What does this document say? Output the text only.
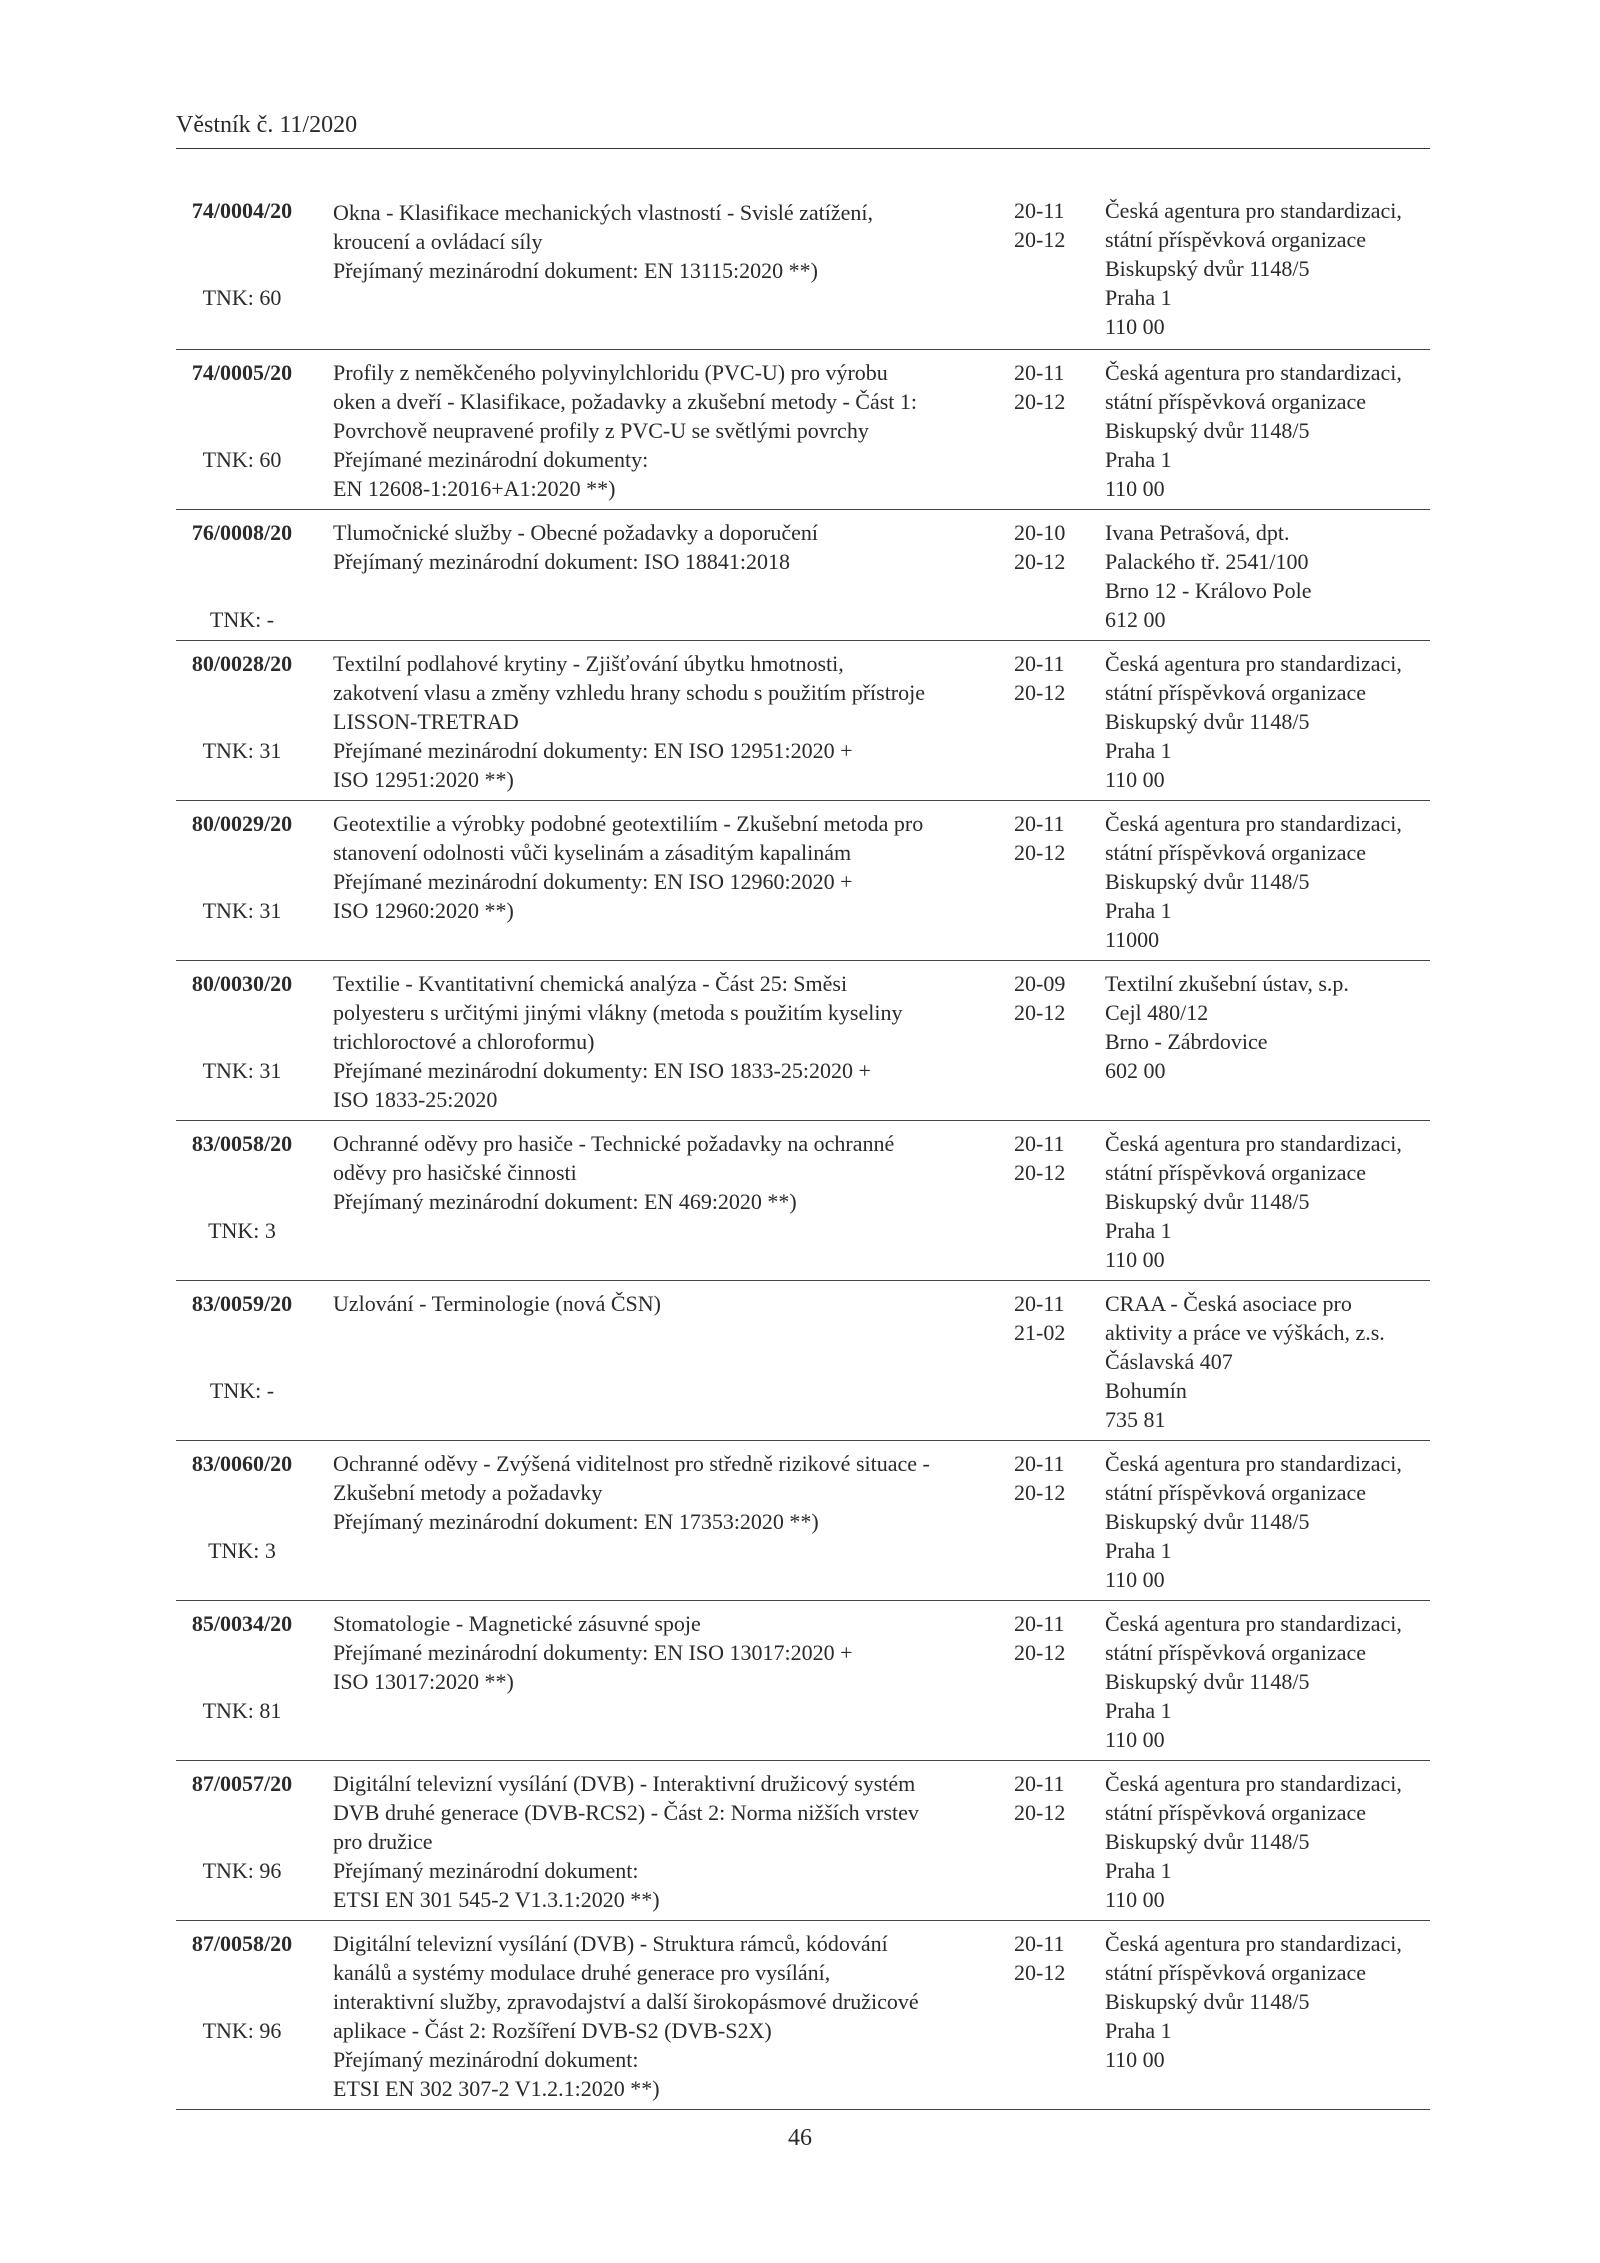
Věstník č. 11/2020
74/0004/20
TNK: 60
Okna - Klasifikace mechanických vlastností - Svislé zatížení,
kroucení a ovládací síly
Přejímaný mezinárodní dokument: EN 13115:2020 **)
20-11
20-12
Česká agentura pro standardizaci,
státní příspěvková organizace
Biskupský dvůr 1148/5
Praha 1
110 00
74/0005/20
TNK: 60
Profily z neměkčeného polyvinylchloridu (PVC-U) pro výrobu
oken a dveří - Klasifikace, požadavky a zkušební metody - Část 1:
Povrchově neupravené profily z PVC-U se světlými povrchy
Přejímané mezinárodní dokumenty:
EN 12608-1:2016+A1:2020 **)
20-11
20-12
Česká agentura pro standardizaci,
státní příspěvková organizace
Biskupský dvůr 1148/5
Praha 1
110 00
76/0008/20
TNK: -
Tlumočnické služby - Obecné požadavky a doporučení
Přejímaný mezinárodní dokument: ISO 18841:2018
20-10
20-12
Ivana Petrašová, dpt.
Palackého tř. 2541/100
Brno 12 - Královo Pole
612 00
80/0028/20
TNK: 31
Textilní podlahové krytiny - Zjišťování úbytku hmotnosti,
zakotvení vlasu a změny vzhledu hrany schodu s použitím přístroje
LISSON-TRETRAD
Přejímané mezinárodní dokumenty: EN ISO 12951:2020 +
ISO 12951:2020 **)
20-11
20-12
Česká agentura pro standardizaci,
státní příspěvková organizace
Biskupský dvůr 1148/5
Praha 1
110 00
80/0029/20
TNK: 31
Geotextilie a výrobky podobné geotextiliím - Zkušební metoda pro
stanovení odolnosti vůči kyselinám a zásaditým kapalinám
Přejímané mezinárodní dokumenty: EN ISO 12960:2020 +
ISO 12960:2020 **)
20-11
20-12
Česká agentura pro standardizaci,
státní příspěvková organizace
Biskupský dvůr 1148/5
Praha 1
11000
80/0030/20
TNK: 31
Textilie - Kvantitativní chemická analýza - Část 25: Směsi
polyesteru s určitými jinými vlákny (metoda s použitím kyseliny
trichloroctové a chloroformu)
Přejímané mezinárodní dokumenty: EN ISO 1833-25:2020 +
ISO 1833-25:2020
20-09
20-12
Textilní zkušební ústav, s.p.
Cejl 480/12
Brno - Zábrdovice
602 00
83/0058/20
TNK: 3
Ochranné oděvy pro hasiče - Technické požadavky na ochranné
oděvy pro hasičské činnosti
Přejímaný mezinárodní dokument: EN 469:2020 **)
20-11
20-12
Česká agentura pro standardizaci,
státní příspěvková organizace
Biskupský dvůr 1148/5
Praha 1
110 00
83/0059/20
TNK: -
Uzlování - Terminologie (nová ČSN)	20-11
21-02
CRAA - Česká asociace pro
aktivity a práce ve výškách, z.s.
Čáslavská 407
Bohumín
735 81
83/0060/20
TNK: 3
Ochranné oděvy - Zvýšená viditelnost pro středně rizikové situace -
Zkušební metody a požadavky
Přejímaný mezinárodní dokument: EN 17353:2020 **)
20-11
20-12
Česká agentura pro standardizaci,
státní příspěvková organizace
Biskupský dvůr 1148/5
Praha 1
110 00
85/0034/20
TNK: 81
Stomatologie - Magnetické zásuvné spoje
Přejímané mezinárodní dokumenty: EN ISO 13017:2020 +
ISO 13017:2020 **)
20-11
20-12
Česká agentura pro standardizaci,
státní příspěvková organizace
Biskupský dvůr 1148/5
Praha 1
110 00
87/0057/20
TNK: 96
Digitální televizní vysílání (DVB) - Interaktivní družicový systém
DVB druhé generace (DVB-RCS2) - Část 2: Norma nižších vrstev
pro družice
Přejímaný mezinárodní dokument:
ETSI EN 301 545-2 V1.3.1:2020 **)
20-11
20-12
Česká agentura pro standardizaci,
státní příspěvková organizace
Biskupský dvůr 1148/5
Praha 1
110 00
87/0058/20
TNK: 96
Digitální televizní vysílání (DVB) - Struktura rámců, kódování
kanálů a systémy modulace druhé generace pro vysílání,
interaktivní služby, zpravodajství a další širokopásmové družicové
aplikace - Část 2: Rozšíření DVB-S2 (DVB-S2X)
Přejímaný mezinárodní dokument:
ETSI EN 302 307-2 V1.2.1:2020 **)
20-11
20-12
Česká agentura pro standardizaci,
státní příspěvková organizace
Biskupský dvůr 1148/5
Praha 1
110 00
46
